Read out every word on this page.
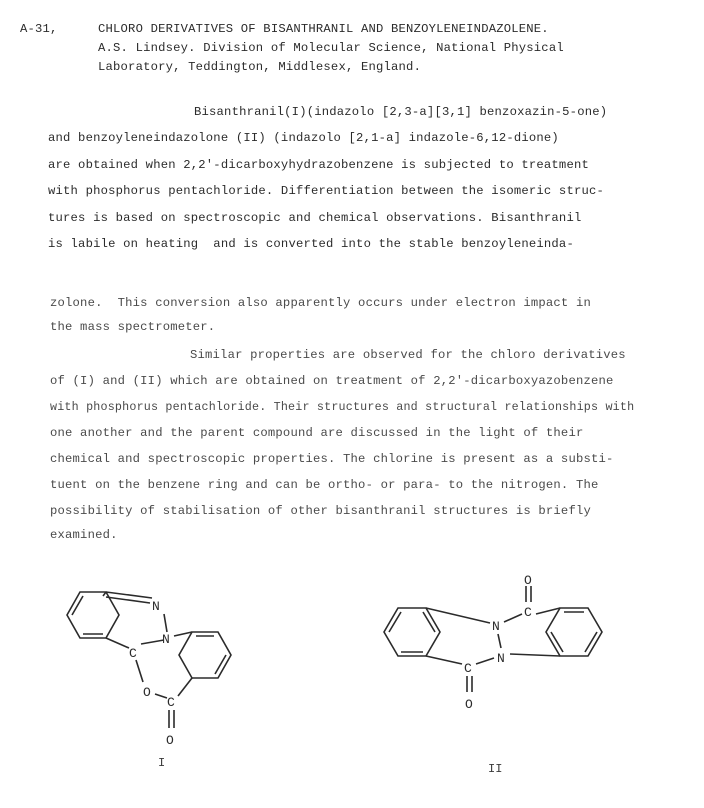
A-31,	CHLORO DERIVATIVES OF BISANTHRANIL AND BENZOYLENEINDAZOLENE.
A.S. Lindsey. Division of Molecular Science, National Physical
Laboratory, Teddington, Middlesex, England.
Bisanthranil(I)(indazolo [2,3-a][3,1] benzoxazin-5-one)
and benzoyleneindazolone (II) (indazolo [2,1-a] indazole-6,12-dione)
are obtained when 2,2'-dicarboxyhydrazobenzene is subjected to treatment
with phosphorus pentachloride. Differentiation between the isomeric struc-
tures is based on spectroscopic and chemical observations. Bisanthranil
is labile on heating  and is converted into the stable benzoyleneinda-
zolone.  This conversion also apparently occurs under electron impact in
the mass spectrometer.
Similar properties are observed for the chloro derivatives
of (I) and (II) which are obtained on treatment of 2,2'-dicarboxyazobenzene
with phosphorus pentachloride. Their structures and structural relationships with
one another and the parent compound are discussed in the light of their
chemical and spectroscopic properties. The chlorine is present as a substi-
tuent on the benzene ring and can be ortho- or para- to the nitrogen. The
possibility of stabilisation of other bisanthranil structures is briefly
examined.
N
N
C
O
C
O
I
O
C
N
C
N
O
II
